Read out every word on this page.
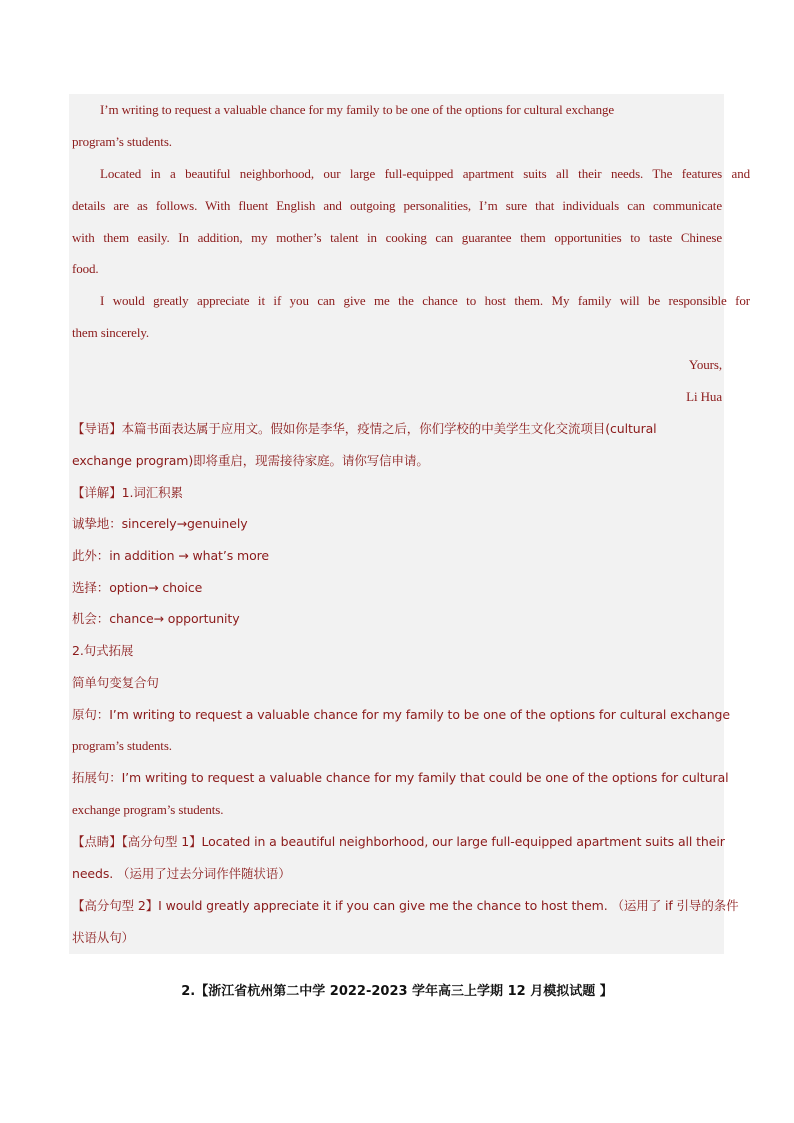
I’m writing to request a valuable chance for my family to be one of the options for cultural exchange
program’s students.
Located in a beautiful neighborhood, our large full-equipped apartment suits all their needs. The features and
details are as follows. With fluent English and outgoing personalities, I’m sure that individuals can communicate
with them easily. In addition, my mother’s talent in cooking can guarantee them opportunities to taste Chinese
food.
I would greatly appreciate it if you can give me the chance to host them. My family will be responsible for
them sincerely.
Yours,
Li Hua
【导语】本篇书面表达属于应用文。假如你是李华，疫情之后，你们学校的中美学生文化交流项目(cultural
exchange program)即将重启，现需接待家庭。请你写信申请。
【详解】1.词汇积累
诚挚地：sincerely→genuinely
此外：in addition → what’s more
选择：option→ choice
机会：chance→ opportunity
2.句式拓展
简单句变复合句
原句：I’m writing to request a valuable chance for my family to be one of the options for cultural exchange
program’s students.
拓展句：I’m writing to request a valuable chance for my family that could be one of the options for cultural
exchange program’s students.
【点睛】【高分句型 1】Located in a beautiful neighborhood, our large full-equipped apartment suits all their
needs. （运用了过去分词作伴随状语）
【高分句型 2】I would greatly appreciate it if you can give me the chance to host them. （运用了 if 引导的条件
状语从句）
2.【浙江省杭州第二中学 2022-2023 学年高三上学期 12 月模拟试题 】
